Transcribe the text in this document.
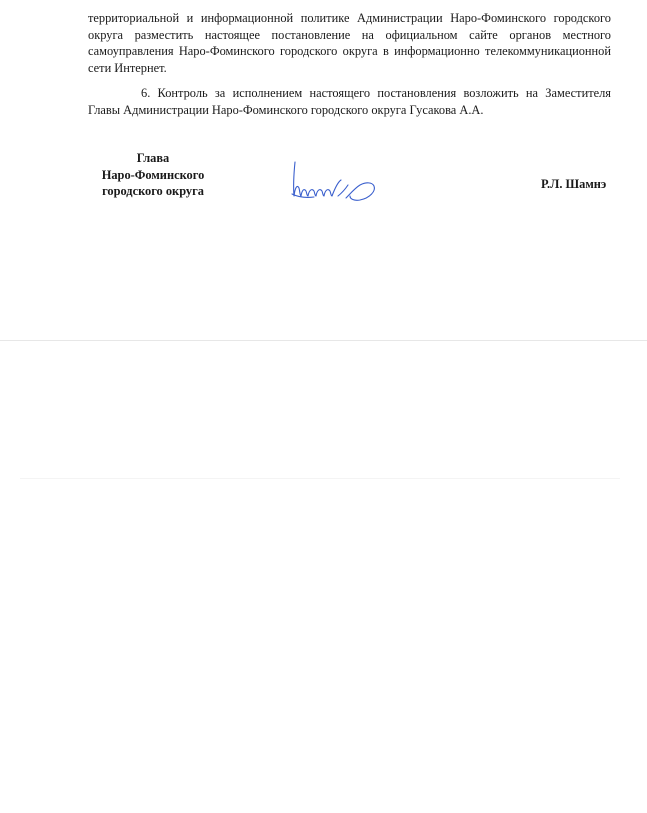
территориальной и информационной политике Администрации Наро-Фоминского городского округа разместить настоящее постановление на официальном сайте органов местного самоуправления Наро-Фоминского городского округа в информационно телекоммуникационной сети Интернет.

6. Контроль за исполнением настоящего постановления возложить на Заместителя Главы Администрации Наро-Фоминского городского округа Гусакова А.А.

Глава
Наро-Фоминского
городского округа
Р.Л. Шамнэ
